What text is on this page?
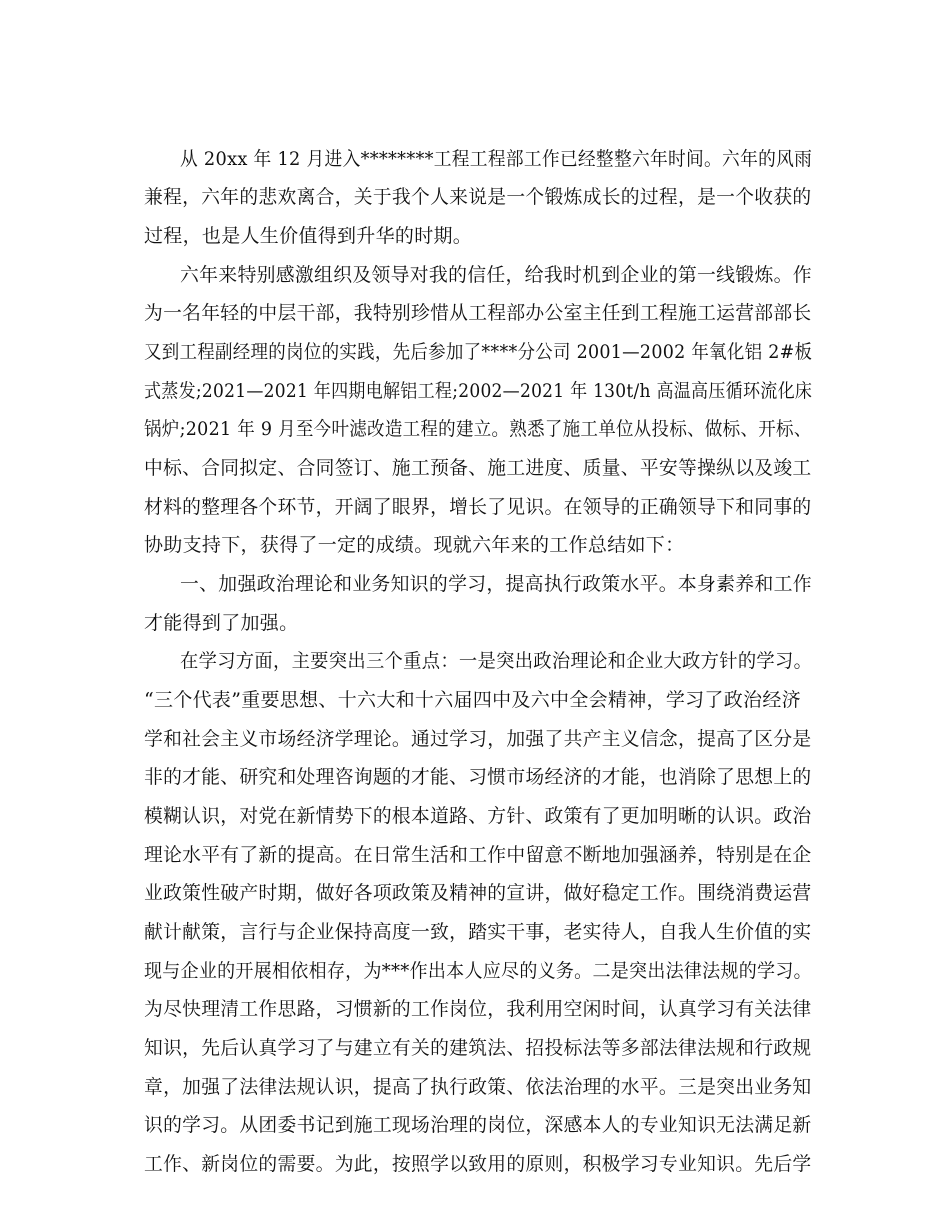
从 20xx 年 12 月进入********工程工程部工作已经整整六年时间。六年的风雨
兼程，六年的悲欢离合，关于我个人来说是一个锻炼成长的过程，是一个收获的
过程，也是人生价值得到升华的时期。
六年来特别感激组织及领导对我的信任，给我时机到企业的第一线锻炼。作
为一名年轻的中层干部，我特别珍惜从工程部办公室主任到工程施工运营部部长
又到工程副经理的岗位的实践，先后参加了****分公司 2001—2002 年氧化铝 2#板
式蒸发;2021—2021 年四期电解铝工程;2002—2021 年 130t/h 高温高压循环流化床
锅炉;2021 年 9 月至今叶滤改造工程的建立。熟悉了施工单位从投标、做标、开标、
中标、合同拟定、合同签订、施工预备、施工进度、质量、平安等操纵以及竣工
材料的整理各个环节，开阔了眼界，增长了见识。在领导的正确领导下和同事的
协助支持下，获得了一定的成绩。现就六年来的工作总结如下：
一、加强政治理论和业务知识的学习，提高执行政策水平。本身素养和工作
才能得到了加强。
在学习方面，主要突出三个重点：一是突出政治理论和企业大政方针的学习。
“三个代表”重要思想、十六大和十六届四中及六中全会精神，学习了政治经济
学和社会主义市场经济学理论。通过学习，加强了共产主义信念，提高了区分是
非的才能、研究和处理咨询题的才能、习惯市场经济的才能，也消除了思想上的
模糊认识，对党在新情势下的根本道路、方针、政策有了更加明晰的认识。政治
理论水平有了新的提高。在日常生活和工作中留意不断地加强涵养，特别是在企
业政策性破产时期，做好各项政策及精神的宣讲，做好稳定工作。围绕消费运营
献计献策，言行与企业保持高度一致，踏实干事，老实待人，自我人生价值的实
现与企业的开展相依相存，为***作出本人应尽的义务。二是突出法律法规的学习。
为尽快理清工作思路，习惯新的工作岗位，我利用空闲时间，认真学习有关法律
知识，先后认真学习了与建立有关的建筑法、招投标法等多部法律法规和行政规
章，加强了法律法规认识，提高了执行政策、依法治理的水平。三是突出业务知
识的学习。从团委书记到施工现场治理的岗位，深感本人的专业知识无法满足新
工作、新岗位的需要。为此，按照学以致用的原则，积极学习专业知识。先后学
